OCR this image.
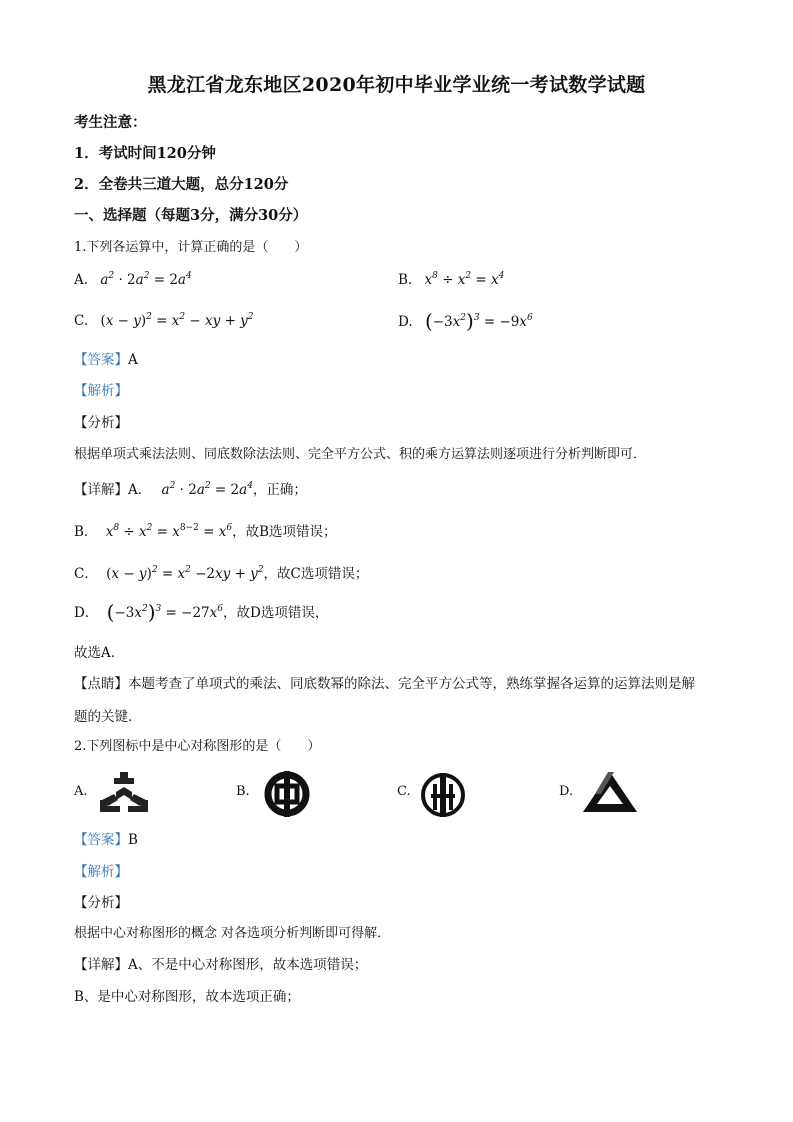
黑龙江省龙东地区2020年初中毕业学业统一考试数学试题
考生注意：
1．考试时间120分钟
2．全卷共三道大题，总分120分
一、选择题（每题3分，满分30分）
1.下列各运算中，计算正确的是（　　）
A. $a^2 \cdot 2a^2 = 2a^4$	B. $x^8 \div x^2 = x^4$
C. $(x - y)^2 = x^2$ − xy + $y^2$	D. $(-3x^2)^3 = -9x^6$
【答案】A
【解析】
【分析】
根据单项式乘法法则、同底数除法法则、完全平方公式、积的乘方运算法则逐项进行分析判断即可．
【详解】A． $a^2 \cdot 2a^2 = 2a^4$，正确；
B． $x^8 \div x^2 = x^{8-2} = x^6$，故B选项错误；
C． $(x - y)^2 = x^2 -2xy + y^2$，故C选项错误；
D． $(-3x^2)^3 = -27x^6$，故D选项错误，
故选A．
【点睛】本题考查了单项式的乘法、同底数幂的除法、完全平方公式等，熟练掌握各运算的运算法则是解
题的关键．
2.下列图标中是中心对称图形的是（　　）
A.	B.	C.	D.
【答案】B
【解析】
【分析】
根据中心对称图形的概念 对各选项分析判断即可得解．
【详解】A、不是中心对称图形，故本选项错误；
B、是中心对称图形，故本选项正确；
